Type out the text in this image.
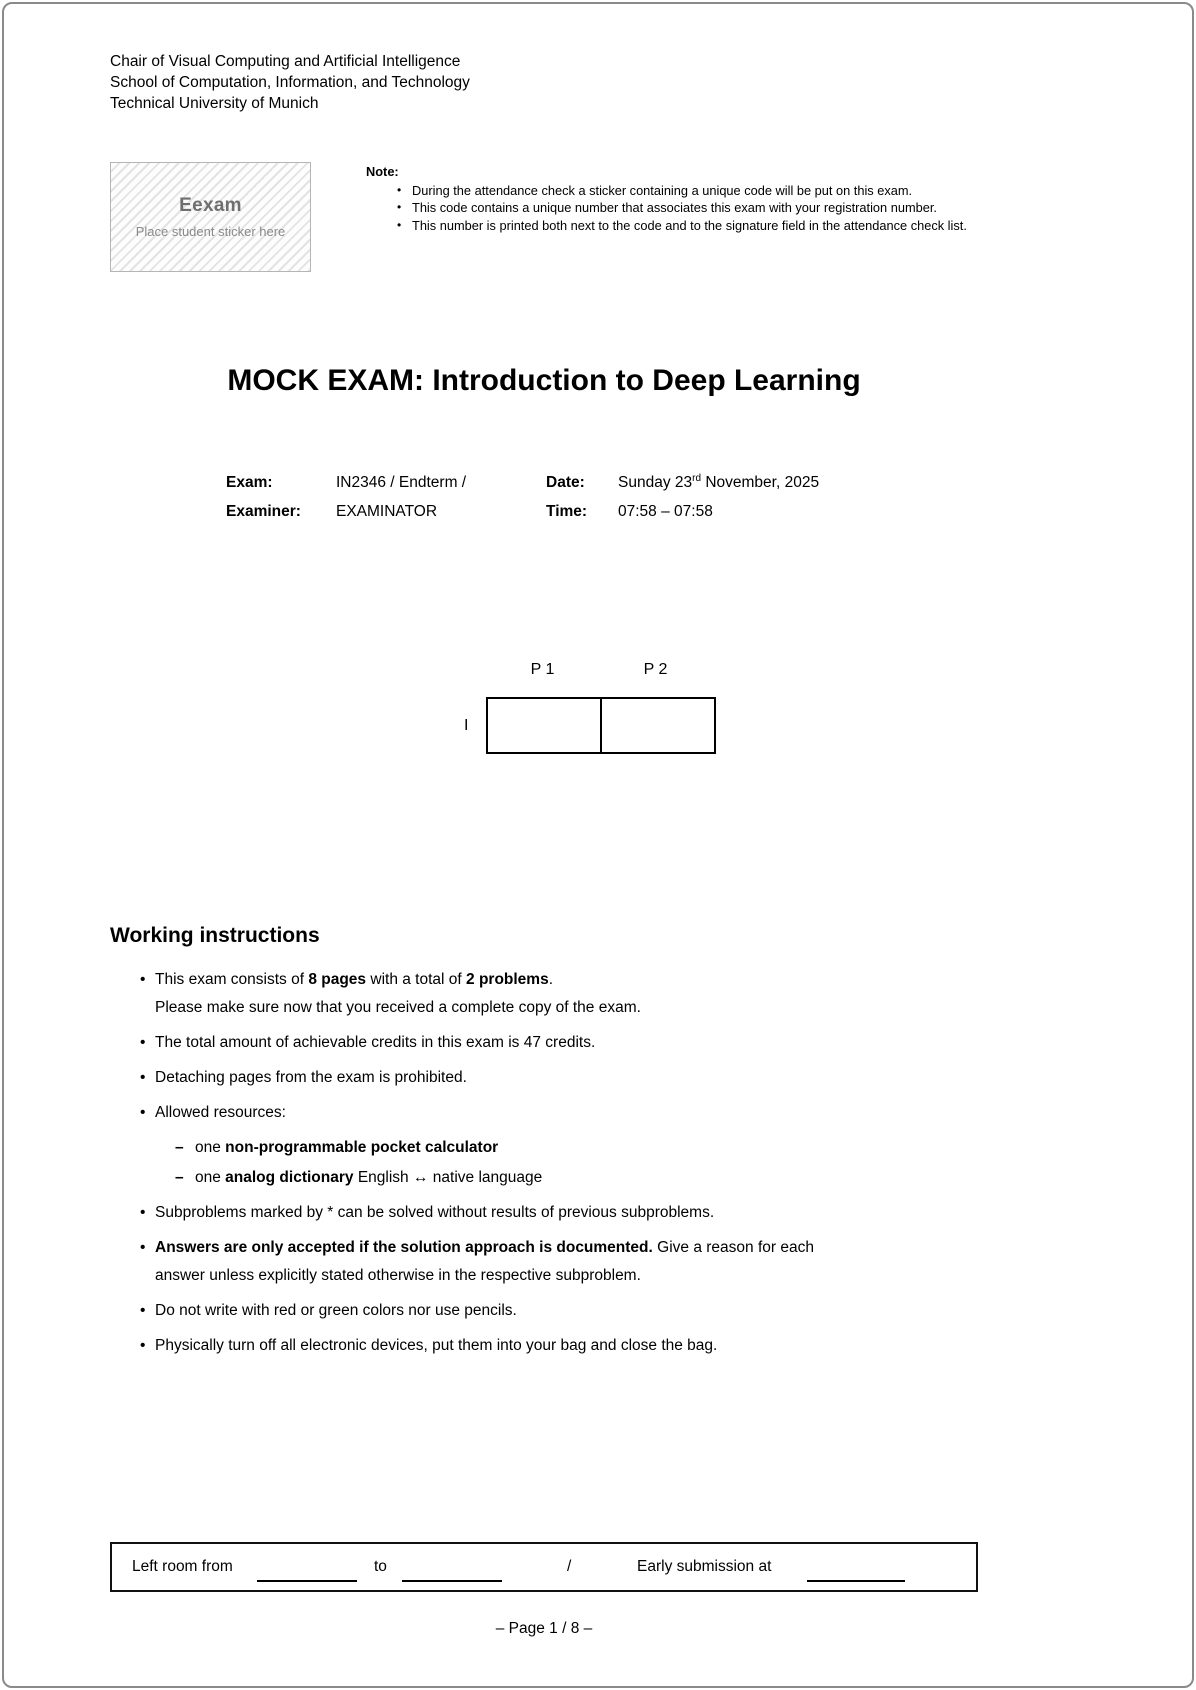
Chair of Visual Computing and Artificial Intelligence
School of Computation, Information, and Technology
Technical University of Munich
Eexam
Place student sticker here
Note:
• During the attendance check a sticker containing a unique code will be put on this exam.
• This code contains a unique number that associates this exam with your registration number.
• This number is printed both next to the code and to the signature field in the attendance check list.
MOCK EXAM: Introduction to Deep Learning
Exam:	IN2346 / Endterm /	Date:	Sunday 23rd November, 2025
Examiner:	EXAMINATOR	Time:	07:58 – 07:58
P 1	P 2
I
Working instructions
• This exam consists of 8 pages with a total of 2 problems.
Please make sure now that you received a complete copy of the exam.
• The total amount of achievable credits in this exam is 47 credits.
• Detaching pages from the exam is prohibited.
• Allowed resources:
– one non-programmable pocket calculator
– one analog dictionary English ↔ native language
• Subproblems marked by * can be solved without results of previous subproblems.
• Answers are only accepted if the solution approach is documented. Give a reason for each
answer unless explicitly stated otherwise in the respective subproblem.
• Do not write with red or green colors nor use pencils.
• Physically turn off all electronic devices, put them into your bag and close the bag.
Left room from	to	/	Early submission at
– Page 1 / 8 –
